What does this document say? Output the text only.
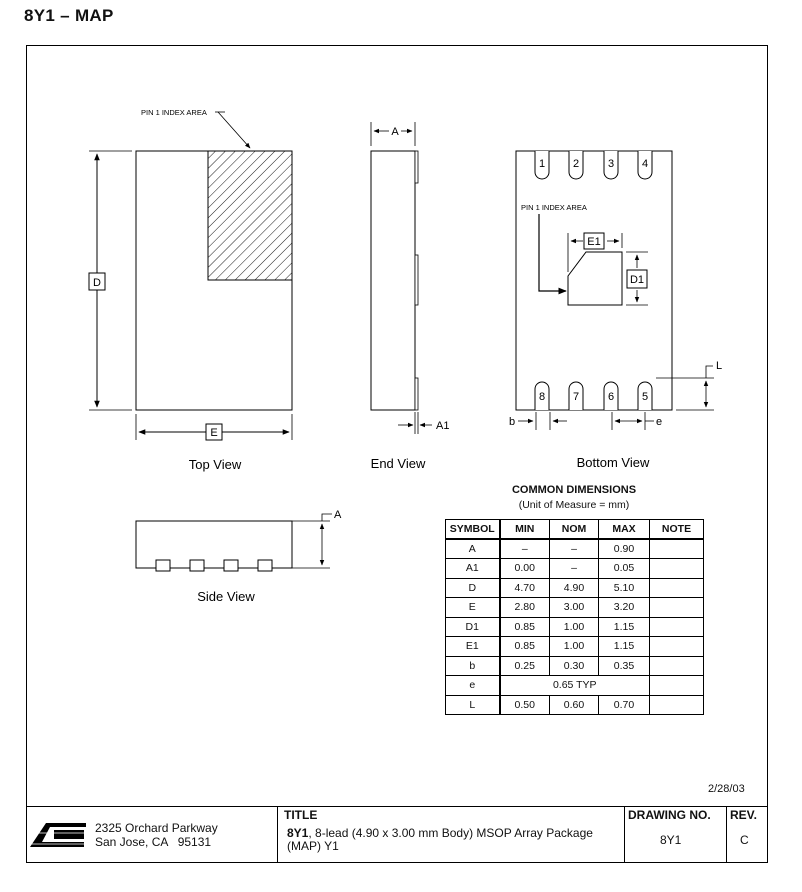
8Y1 – MAP
PIN 1 INDEX AREA
D
E
Top View
A
A1
End View
1	2	3	4
8	7	6	5
PIN 1 INDEX AREA
E1
D1
L
b	e
Bottom View
A
Side View
COMMON DIMENSIONS
(Unit of Measure = mm)
SYMBOL	MIN	NOM	MAX	NOTE
A	–	–	0.90	
A1	0.00	–	0.05	
D	4.70	4.90	5.10	
E	2.80	3.00	3.20	
D1	0.85	1.00	1.15	
E1	0.85	1.00	1.15	
b	0.25	0.30	0.35	
e	0.65 TYP			
L	0.50	0.60	0.70	
2/28/03
2325 Orchard Parkway
San Jose, CA   95131
TITLE
8Y1, 8-lead (4.90 x 3.00 mm Body) MSOP Array Package (MAP) Y1
DRAWING NO.
8Y1
REV.
C
